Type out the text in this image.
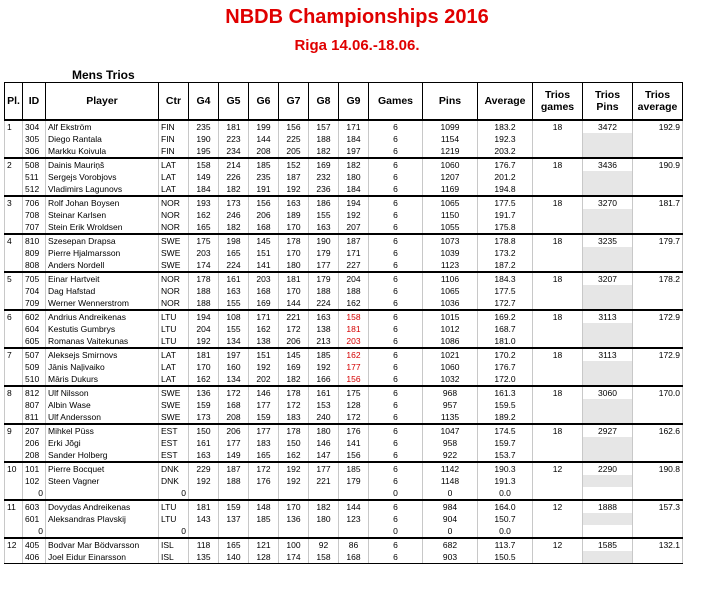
NBDB Championships 2016
Riga 14.06.-18.06.
Mens Trios
Pl.	ID	Player	Ctr	G4	G5	G6	G7	G8	G9	Games	Pins	Average	Trios games	Trios Pins	Trios average
1	304	Alf Ekström	FIN	235	181	199	156	157	171	6	1099	183.2	18	3472	192.9
	305	Diego Rantala	FIN	190	223	144	225	188	184	6	1154	192.3			
	306	Markku Koivula	FIN	195	234	208	205	182	197	6	1219	203.2			
2	508	Dainis Mauriņš	LAT	158	214	185	152	169	182	6	1060	176.7	18	3436	190.9
	511	Sergejs Vorobjovs	LAT	149	226	235	187	232	180	6	1207	201.2			
	512	Vladimirs Lagunovs	LAT	184	182	191	192	236	184	6	1169	194.8			
3	706	Rolf Johan Boysen	NOR	193	173	156	163	186	194	6	1065	177.5	18	3270	181.7
	708	Steinar Karlsen	NOR	162	246	206	189	155	192	6	1150	191.7			
	707	Stein Erik Wroldsen	NOR	165	182	168	170	163	207	6	1055	175.8			
4	810	Szesepan Drapsa	SWE	175	198	145	178	190	187	6	1073	178.8	18	3235	179.7
	809	Pierre Hjalmarsson	SWE	203	165	151	170	179	171	6	1039	173.2			
	808	Anders Nordell	SWE	174	224	141	180	177	227	6	1123	187.2			
5	705	Einar Hartveit	NOR	178	161	203	181	179	204	6	1106	184.3	18	3207	178.2
	704	Dag Hafstad	NOR	188	163	168	170	188	188	6	1065	177.5			
	709	Werner Wennerstrom	NOR	188	155	169	144	224	162	6	1036	172.7			
6	602	Andrius Andreikenas	LTU	194	108	171	221	163	158	6	1015	169.2	18	3113	172.9
	604	Kestutis Gumbrys	LTU	204	155	162	172	138	181	6	1012	168.7			
	605	Romanas Vaitekunas	LTU	192	134	138	206	213	203	6	1086	181.0			
7	507	Aleksejs Smirnovs	LAT	181	197	151	145	185	162	6	1021	170.2	18	3113	172.9
	509	Jānis Naļivaiko	LAT	170	160	192	169	192	177	6	1060	176.7			
	510	Māris Dukurs	LAT	162	134	202	182	166	156	6	1032	172.0			
8	812	Ulf Nilsson	SWE	136	172	146	178	161	175	6	968	161.3	18	3060	170.0
	807	Albin Wase	SWE	159	168	177	172	153	128	6	957	159.5			
	811	Ulf Andersson	SWE	173	208	159	183	240	172	6	1135	189.2			
9	207	Mihkel Püss	EST	150	206	177	178	180	176	6	1047	174.5	18	2927	162.6
	206	Erki Jõgi	EST	161	177	183	150	146	141	6	958	159.7			
	208	Sander Holberg	EST	163	149	165	162	147	156	6	922	153.7			
10	101	Pierre Bocquet	DNK	229	187	172	192	177	185	6	1142	190.3	12	2290	190.8
	102	Steen Vagner	DNK	192	188	176	192	221	179	6	1148	191.3			
	0		0							0	0	0.0			
11	603	Dovydas Andreikenas	LTU	181	159	148	170	182	144	6	984	164.0	12	1888	157.3
	601	Aleksandras Plavskij	LTU	143	137	185	136	180	123	6	904	150.7			
	0		0							0	0	0.0			
12	405	Bodvar Mar Bödvarsson	ISL	118	165	121	100	92	86	6	682	113.7	12	1585	132.1
	406	Joel Eidur Einarsson	ISL	135	140	128	174	158	168	6	903	150.5			
